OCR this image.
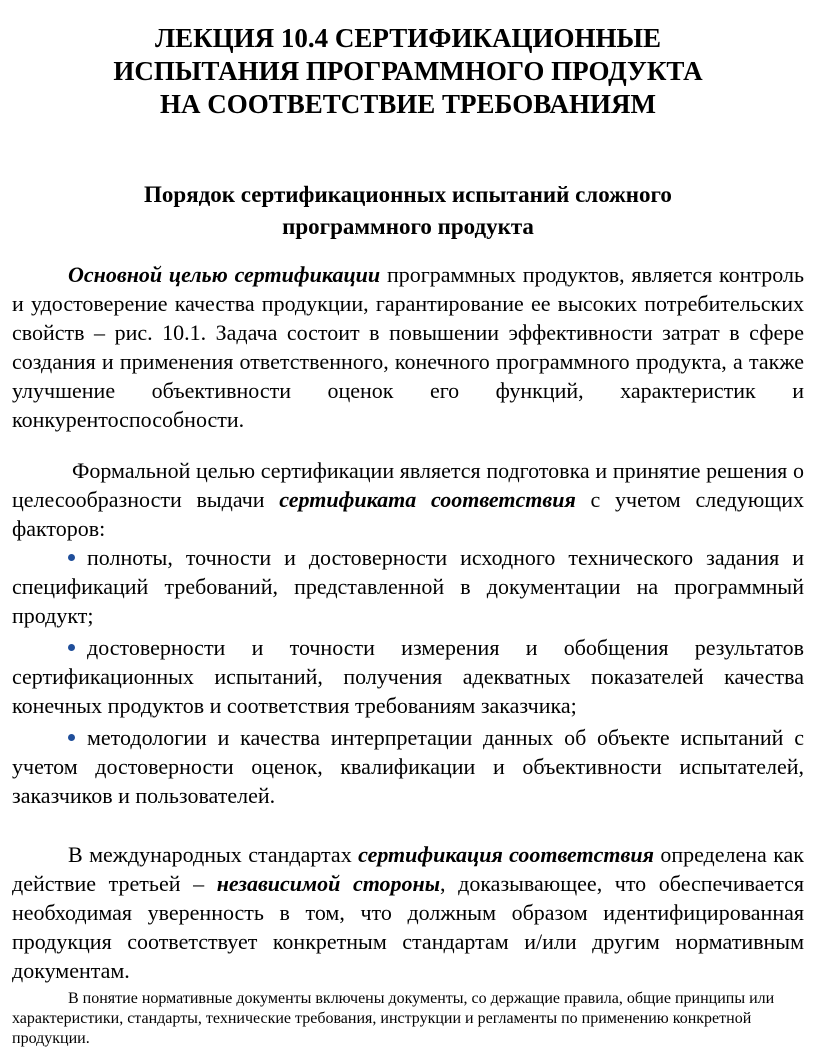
ЛЕКЦИЯ 10.4 СЕРТИФИКАЦИОННЫЕ
ИСПЫТАНИЯ ПРОГРАММНОГО ПРОДУКТА
НА СООТВЕТСТВИЕ ТРЕБОВАНИЯМ
Порядок сертификационных испытаний сложного
программного продукта

Основной целью сертификации программных продуктов, является контроль и удостоверение качества продукции, гарантирование ее высоких потребительских свойств – рис. 10.1. Задача состоит в повышении эффективности затрат в сфере создания и применения ответственного, конечного программного продукта, а также улучшение объективности оценок его функций, характеристик и конкурентоспособности.

Формальной целью сертификации является подготовка и принятие решения о целесообразности выдачи сертификата соответствия с учетом следующих факторов:

полноты, точности и достоверности исходного технического задания и спецификаций требований, представленной в документации на программный продукт;
достоверности и точности измерения и обобщения результатов сертификационных испытаний, получения адекватных показателей качества конечных продуктов и соответствия требованиям заказчика;
методологии и качества интерпретации данных об объекте испытаний с учетом достоверности оценок, квалификации и объективности испытателей, заказчиков и пользователей.

В международных стандартах сертификация соответствия определена как действие третьей – независимой стороны, доказывающее, что обеспечивается необходимая уверенность в том, что должным образом идентифицированная продукция соответствует конкретным стандартам и/или другим нормативным документам.

В понятие нормативные документы включены документы, со держащие правила, общие принципы или характеристики, стандарты, технические требования, инструкции и регламенты по применению конкретной продукции.
